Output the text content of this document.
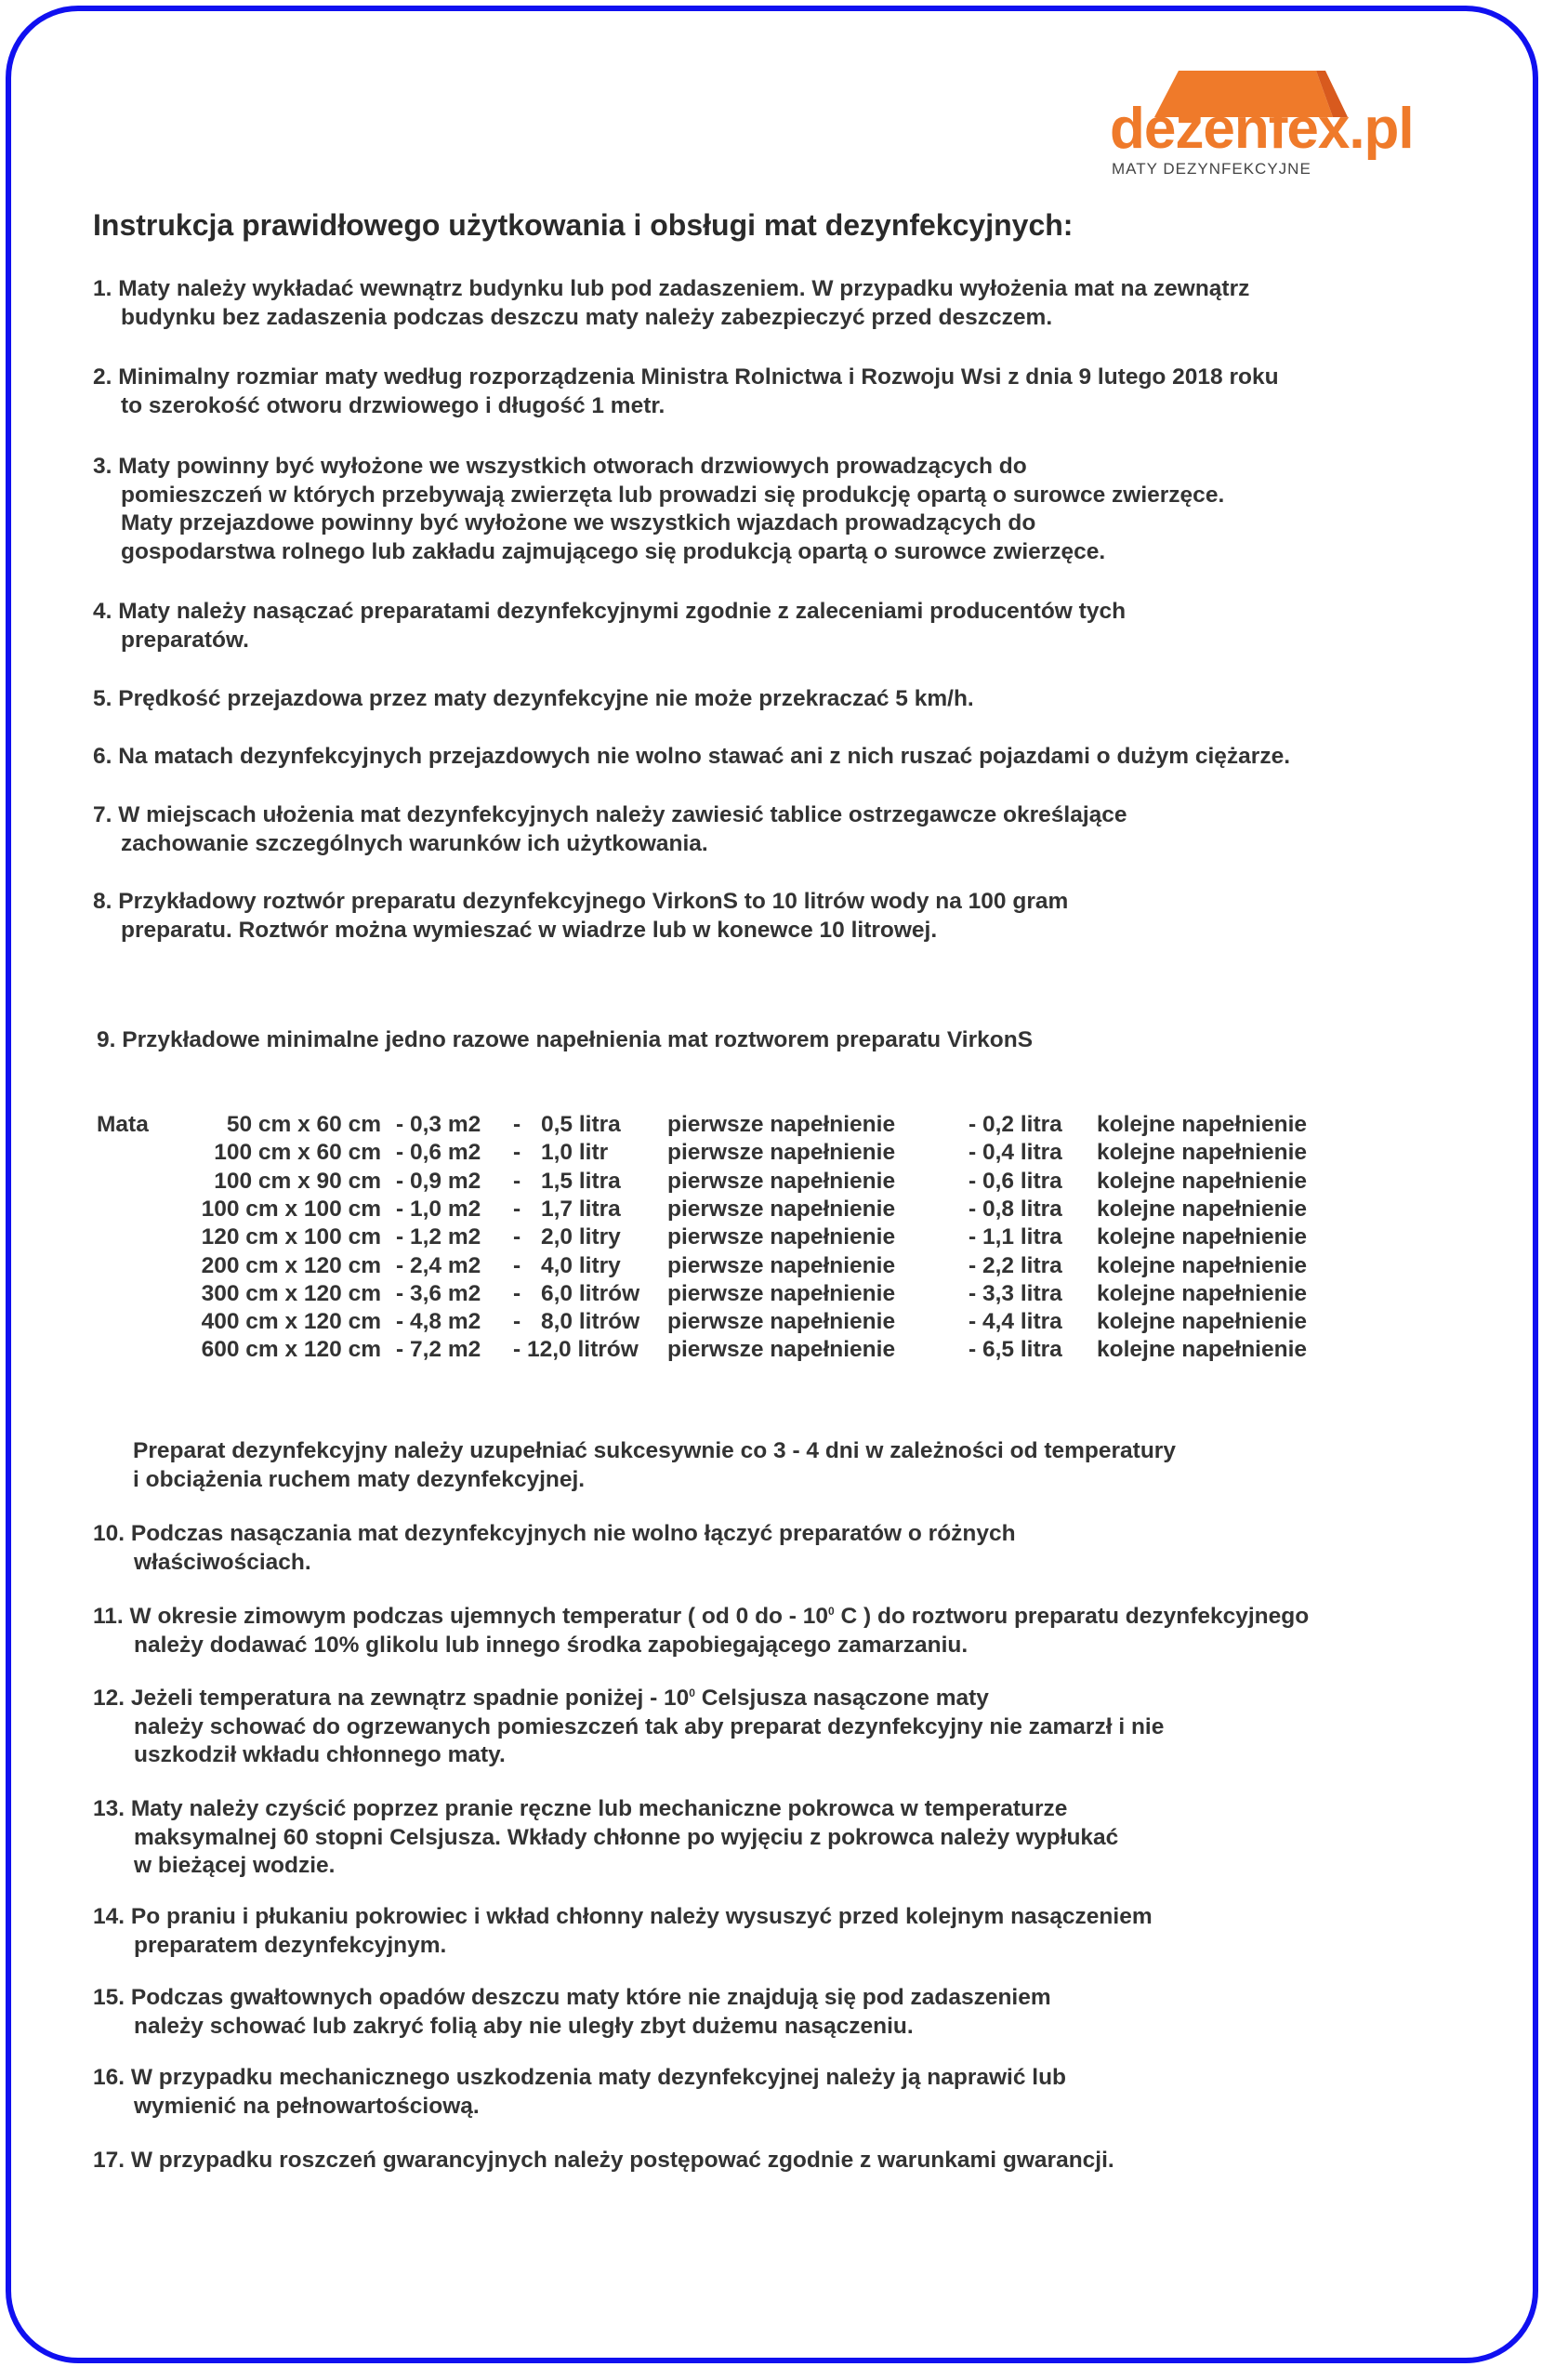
dezenfex.pl
MATY DEZYNFEKCYJNE
Instrukcja prawidłowego użytkowania i obsługi mat dezynfekcyjnych:
1. Maty należy wykładać wewnątrz budynku lub pod zadaszeniem. W przypadku wyłożenia mat na zewnątrz
budynku bez zadaszenia podczas deszczu maty należy zabezpieczyć przed deszczem.
2. Minimalny rozmiar maty według rozporządzenia Ministra Rolnictwa i Rozwoju Wsi z dnia 9 lutego 2018 roku
to szerokość otworu drzwiowego i długość 1 metr.
3. Maty powinny być wyłożone we wszystkich otworach drzwiowych prowadzących do
pomieszczeń w których przebywają zwierzęta lub prowadzi się produkcję opartą o surowce zwierzęce.
Maty przejazdowe powinny być wyłożone we wszystkich wjazdach prowadzących do
gospodarstwa rolnego lub zakładu zajmującego się produkcją opartą o surowce zwierzęce.
4. Maty należy nasączać preparatami dezynfekcyjnymi zgodnie z zaleceniami producentów tych
preparatów.
5. Prędkość przejazdowa przez maty dezynfekcyjne nie może przekraczać 5 km/h.
6. Na matach dezynfekcyjnych przejazdowych nie wolno stawać ani z nich ruszać pojazdami o dużym ciężarze.
7. W miejscach ułożenia mat dezynfekcyjnych należy zawiesić tablice ostrzegawcze określające
zachowanie szczególnych warunków ich użytkowania.
8. Przykładowy roztwór preparatu dezynfekcyjnego VirkonS to 10 litrów wody na 100 gram
preparatu. Roztwór można wymieszać w wiadrze lub w konewce 10 litrowej.
9. Przykładowe minimalne jedno razowe napełnienia mat roztworem preparatu VirkonS
Mata	50 cm x 60 cm - 0,3 m2 - 0,5 litra pierwsze napełnienie	- 0,2 litra kolejne napełnienie
100 cm x 60 cm - 0,6 m2 - 1,0 litr	pierwsze napełnienie	- 0,4 litra kolejne napełnienie
100 cm x 90 cm - 0,9 m2 - 1,5 litra pierwsze napełnienie	- 0,6 litra kolejne napełnienie
100 cm x 100 cm - 1,0 m2 - 1,7 litra pierwsze napełnienie	- 0,8 litra kolejne napełnienie
120 cm x 100 cm - 1,2 m2 - 2,0 litry pierwsze napełnienie	- 1,1 litra kolejne napełnienie
200 cm x 120 cm - 2,4 m2 - 4,0 litry pierwsze napełnienie	- 2,2 litra kolejne napełnienie
300 cm x 120 cm - 3,6 m2 - 6,0 litrów pierwsze napełnienie	- 3,3 litra kolejne napełnienie
400 cm x 120 cm - 4,8 m2 - 8,0 litrów pierwsze napełnienie	- 4,4 litra kolejne napełnienie
600 cm x 120 cm - 7,2 m2 - 12,0 litrów pierwsze napełnienie	- 6,5 litra kolejne napełnienie
Preparat dezynfekcyjny należy uzupełniać sukcesywnie co 3 - 4 dni w zależności od temperatury
i obciążenia ruchem maty dezynfekcyjnej.
10. Podczas nasączania mat dezynfekcyjnych nie wolno łączyć preparatów o różnych
właściwościach.
11. W okresie zimowym podczas ujemnych temperatur ( od 0 do - $10^0$ C ) do roztworu preparatu dezynfekcyjnego
należy dodawać 10% glikolu lub innego środka zapobiegającego zamarzaniu.
12. Jeżeli temperatura na zewnątrz spadnie poniżej - $10^0$ Celsjusza nasączone maty
należy schować do ogrzewanych pomieszczeń tak aby preparat dezynfekcyjny nie zamarzł i nie
uszkodził wkładu chłonnego maty.
13. Maty należy czyścić poprzez pranie ręczne lub mechaniczne pokrowca w temperaturze
maksymalnej 60 stopni Celsjusza. Wkłady chłonne po wyjęciu z pokrowca należy wypłukać
w bieżącej wodzie.
14. Po praniu i płukaniu pokrowiec i wkład chłonny należy wysuszyć przed kolejnym nasączeniem
preparatem dezynfekcyjnym.
15. Podczas gwałtownych opadów deszczu maty które nie znajdują się pod zadaszeniem
należy schować lub zakryć folią aby nie uległy zbyt dużemu nasączeniu.
16. W przypadku mechanicznego uszkodzenia maty dezynfekcyjnej należy ją naprawić lub
wymienić na pełnowartościową.
17. W przypadku roszczeń gwarancyjnych należy postępować zgodnie z warunkami gwarancji.
